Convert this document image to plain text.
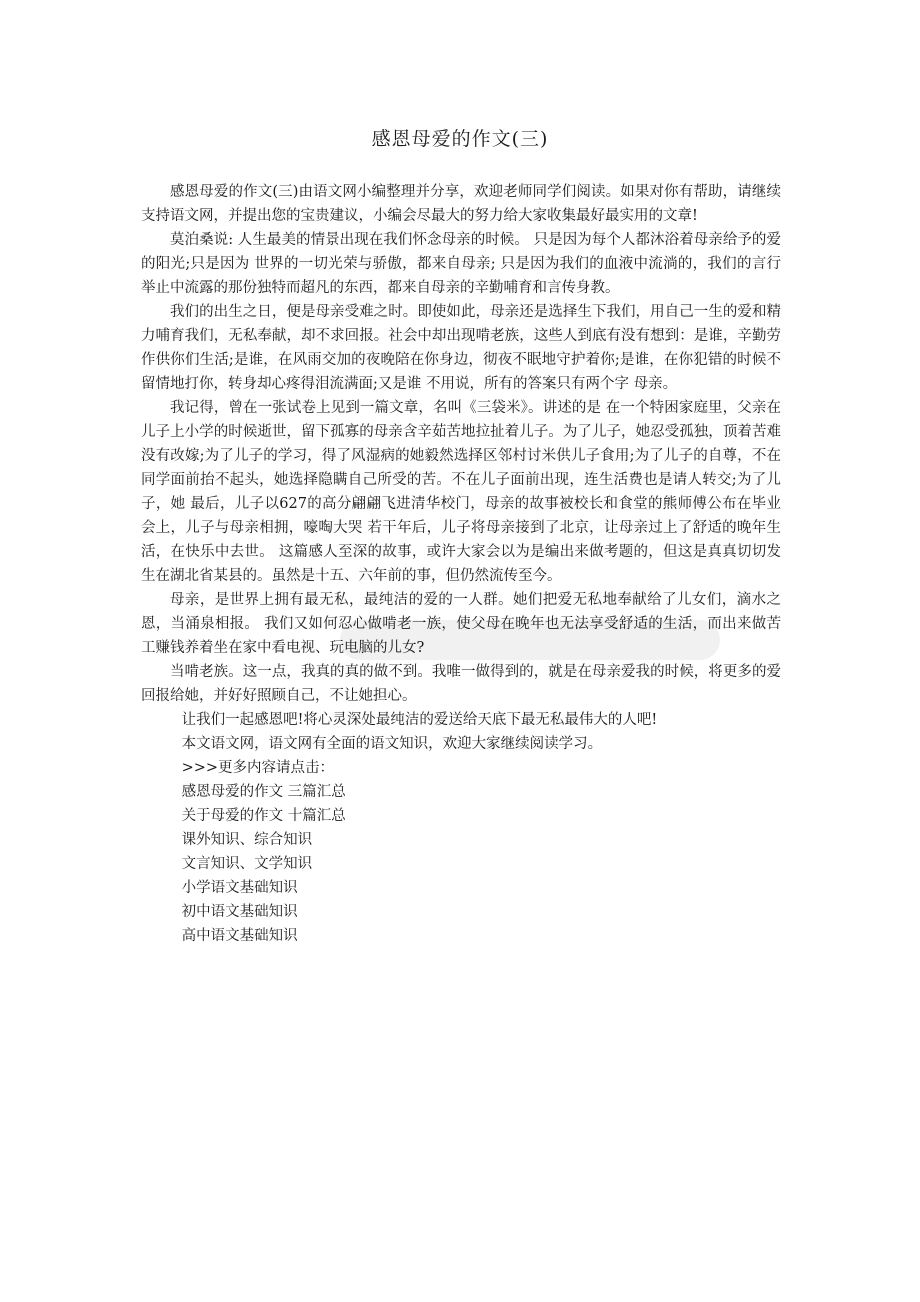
感恩母爱的作文(三)

感恩母爱的作文(三)由语文网小编整理并分享，欢迎老师同学们阅读。如果对你有帮助，请继续支持语文网，并提出您的宝贵建议，小编会尽最大的努力给大家收集最好最实用的文章!

莫泊桑说: 人生最美的情景出现在我们怀念母亲的时候。 只是因为每个人都沐浴着母亲给予的爱的阳光;只是因为 世界的一切光荣与骄傲，都来自母亲; 只是因为我们的血液中流淌的，我们的言行举止中流露的那份独特而超凡的东西，都来自母亲的辛勤哺育和言传身教。

我们的出生之日，便是母亲受难之时。即使如此，母亲还是选择生下我们，用自己一生的爱和精力哺育我们，无私奉献，却不求回报。社会中却出现啃老族，这些人到底有没有想到：是谁，辛勤劳作供你们生活;是谁，在风雨交加的夜晚陪在你身边，彻夜不眠地守护着你;是谁，在你犯错的时候不留情地打你，转身却心疼得泪流满面;又是谁 不用说，所有的答案只有两个字 母亲。

我记得，曾在一张试卷上见到一篇文章，名叫《三袋米》。讲述的是 在一个特困家庭里，父亲在儿子上小学的时候逝世，留下孤寡的母亲含辛茹苦地拉扯着儿子。为了儿子，她忍受孤独，顶着苦难没有改嫁;为了儿子的学习，得了风湿病的她毅然选择区邻村讨米供儿子食用;为了儿子的自尊，不在同学面前抬不起头，她选择隐瞒自己所受的苦。不在儿子面前出现，连生活费也是请人转交;为了儿子，她 最后，儿子以627的高分翩翩飞进清华校门，母亲的故事被校长和食堂的熊师傅公布在毕业会上，儿子与母亲相拥，嚎啕大哭 若干年后，儿子将母亲接到了北京，让母亲过上了舒适的晚年生活，在快乐中去世。 这篇感人至深的故事，或许大家会以为是编出来做考题的，但这是真真切切发生在湖北省某县的。虽然是十五、六年前的事，但仍然流传至今。

母亲，是世界上拥有最无私，最纯洁的爱的一人群。她们把爱无私地奉献给了儿女们，滴水之恩，当涌泉相报。 我们又如何忍心做啃老一族，使父母在晚年也无法享受舒适的生活，而出来做苦工赚钱养着坐在家中看电视、玩电脑的儿女?

当啃老族。这一点，我真的真的做不到。我唯一做得到的，就是在母亲爱我的时候，将更多的爱回报给她，并好好照顾自己，不让她担心。

让我们一起感恩吧!将心灵深处最纯洁的爱送给天底下最无私最伟大的人吧!

本文语文网，语文网有全面的语文知识，欢迎大家继续阅读学习。

>>>更多内容请点击：

感恩母爱的作文 三篇汇总

关于母爱的作文 十篇汇总

课外知识、综合知识

文言知识、文学知识

小学语文基础知识

初中语文基础知识

高中语文基础知识
